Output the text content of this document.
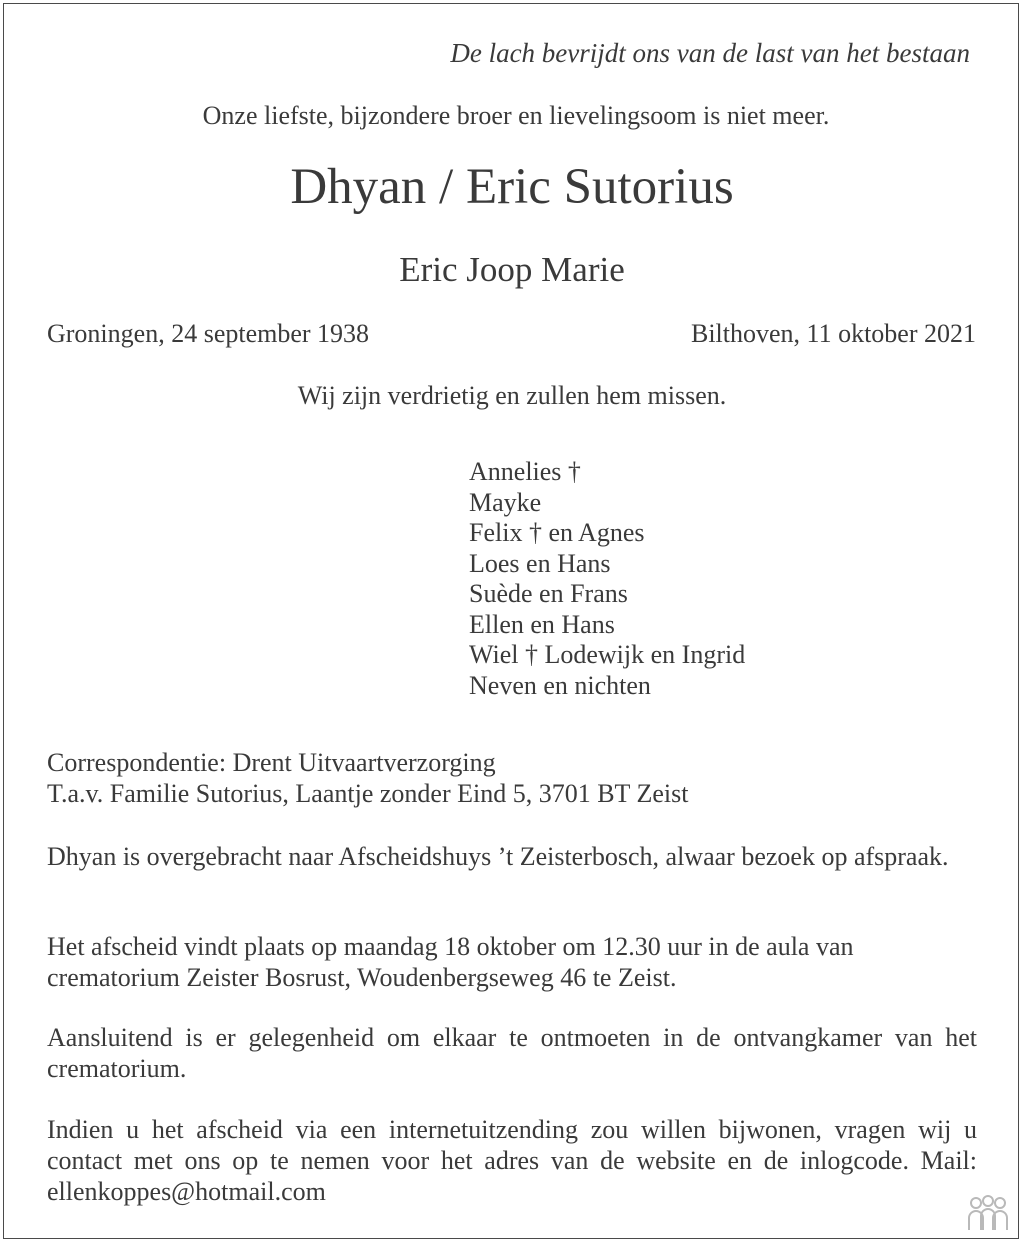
De lach bevrijdt ons van de last van het bestaan
Onze liefste, bijzondere broer en lievelingsoom is niet meer.
Dhyan / Eric Sutorius
Eric Joop Marie
Groningen, 24 september 1938	Bilthoven, 11 oktober 2021
Wij zijn verdrietig en zullen hem missen.
Annelies †
Mayke
Felix † en Agnes
Loes en Hans
Suède en Frans
Ellen en Hans
Wiel † Lodewijk en Ingrid
Neven en nichten
Correspondentie: Drent Uitvaartverzorging
T.a.v. Familie Sutorius, Laantje zonder Eind 5, 3701 BT Zeist

Dhyan is overgebracht naar Afscheidshuys ’t Zeisterbosch, alwaar bezoek op afspraak.

Het afscheid vindt plaats op maandag 18 oktober om 12.30 uur in de aula van crematorium Zeister Bosrust, Woudenbergseweg 46 te Zeist.

Aansluitend is er gelegenheid om elkaar te ontmoeten in de ontvangkamer van het crematorium.

Indien u het afscheid via een internetuitzending zou willen bijwonen, vragen wij u contact met ons op te nemen voor het adres van de website en de inlogcode. Mail: ellenkoppes@hotmail.com
